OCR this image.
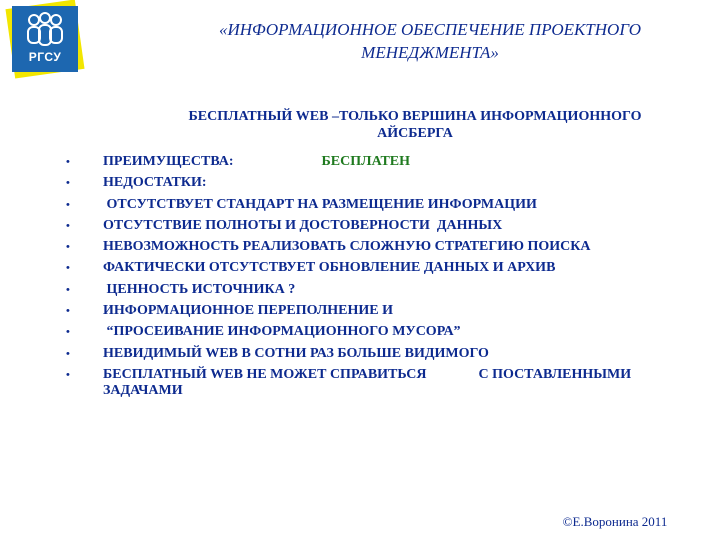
РГСУ
«ИНФОРМАЦИОННОЕ ОБЕСПЕЧЕНИЕ ПРОЕКТНОГО
МЕНЕДЖМЕНТА»
БЕСПЛАТНЫЙ WEB –ТОЛЬКО ВЕРШИНА ИНФОРМАЦИОННОГО
АЙСБЕРГА
• ПРЕИМУЩЕСТВА:	БЕСПЛАТЕН
• НЕДОСТАТКИ:
• ОТСУТСТВУЕТ СТАНДАРТ НА РАЗМЕЩЕНИЕ ИНФОРМАЦИИ
• ОТСУТСТВИЕ ПОЛНОТЫ И ДОСТОВЕРНОСТИ  ДАННЫХ
• НЕВОЗМОЖНОСТЬ РЕАЛИЗОВАТЬ СЛОЖНУЮ СТРАТЕГИЮ ПОИСКА
• ФАКТИЧЕСКИ ОТСУТСТВУЕТ ОБНОВЛЕНИЕ ДАННЫХ И АРХИВ
• ЦЕННОСТЬ ИСТОЧНИКА ?
• ИНФОРМАЦИОННОЕ ПЕРЕПОЛНЕНИЕ И
• “ПРОСЕИВАНИЕ ИНФОРМАЦИОННОГО МУСОРА”
• НЕВИДИМЫЙ WEB В СОТНИ РАЗ БОЛЬШЕ ВИДИМОГО
• БЕСПЛАТНЫЙ WEB НЕ МОЖЕТ СПРАВИТЬСЯ	С ПОСТАВЛЕННЫМИ ЗАДАЧАМИ
©Е.Воронина 2011
